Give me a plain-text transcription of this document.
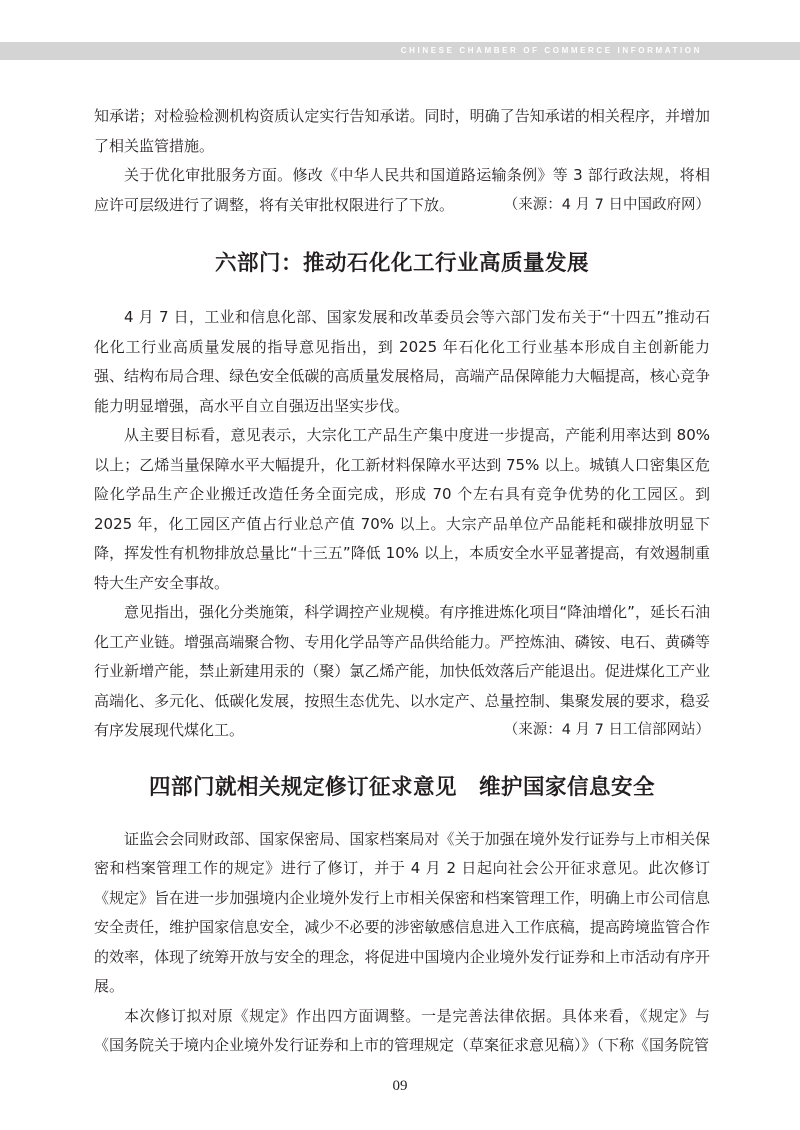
CHINESE CHAMBER OF COMMERCE INFORMATION

知承诺；对检验检测机构资质认定实行告知承诺。同时，明确了告知承诺的相关程序，并增加了相关监管措施。

关于优化审批服务方面。修改《中华人民共和国道路运输条例》等 3 部行政法规，将相应许可层级进行了调整，将有关审批权限进行了下放。	（来源：4 月 7 日中国政府网）

六部门：推动石化化工行业高质量发展

4 月 7 日，工业和信息化部、国家发展和改革委员会等六部门发布关于“十四五”推动石化化工行业高质量发展的指导意见指出，到 2025 年石化化工行业基本形成自主创新能力强、结构布局合理、绿色安全低碳的高质量发展格局，高端产品保障能力大幅提高，核心竞争能力明显增强，高水平自立自强迈出坚实步伐。

从主要目标看，意见表示，大宗化工产品生产集中度进一步提高，产能利用率达到 80% 以上；乙烯当量保障水平大幅提升，化工新材料保障水平达到 75% 以上。城镇人口密集区危险化学品生产企业搬迁改造任务全面完成，形成 70 个左右具有竞争优势的化工园区。到 2025 年，化工园区产值占行业总产值 70% 以上。大宗产品单位产品能耗和碳排放明显下降，挥发性有机物排放总量比“十三五”降低 10% 以上，本质安全水平显著提高，有效遏制重特大生产安全事故。

意见指出，强化分类施策，科学调控产业规模。有序推进炼化项目“降油增化”，延长石油化工产业链。增强高端聚合物、专用化学品等产品供给能力。严控炼油、磷铵、电石、黄磷等行业新增产能，禁止新建用汞的（聚）氯乙烯产能，加快低效落后产能退出。促进煤化工产业高端化、多元化、低碳化发展，按照生态优先、以水定产、总量控制、集聚发展的要求，稳妥有序发展现代煤化工。	（来源：4 月 7 日工信部网站）

四部门就相关规定修订征求意见 维护国家信息安全

证监会会同财政部、国家保密局、国家档案局对《关于加强在境外发行证券与上市相关保密和档案管理工作的规定》进行了修订，并于 4 月 2 日起向社会公开征求意见。此次修订《规定》旨在进一步加强境内企业境外发行上市相关保密和档案管理工作，明确上市公司信息安全责任，维护国家信息安全，减少不必要的涉密敏感信息进入工作底稿，提高跨境监管合作的效率，体现了统筹开放与安全的理念，将促进中国境内企业境外发行证券和上市活动有序开展。

本次修订拟对原《规定》作出四方面调整。一是完善法律依据。具体来看，《规定》与《国务院关于境内企业境外发行证券和上市的管理规定（草案征求意见稿）》（下称《国务院管

09
